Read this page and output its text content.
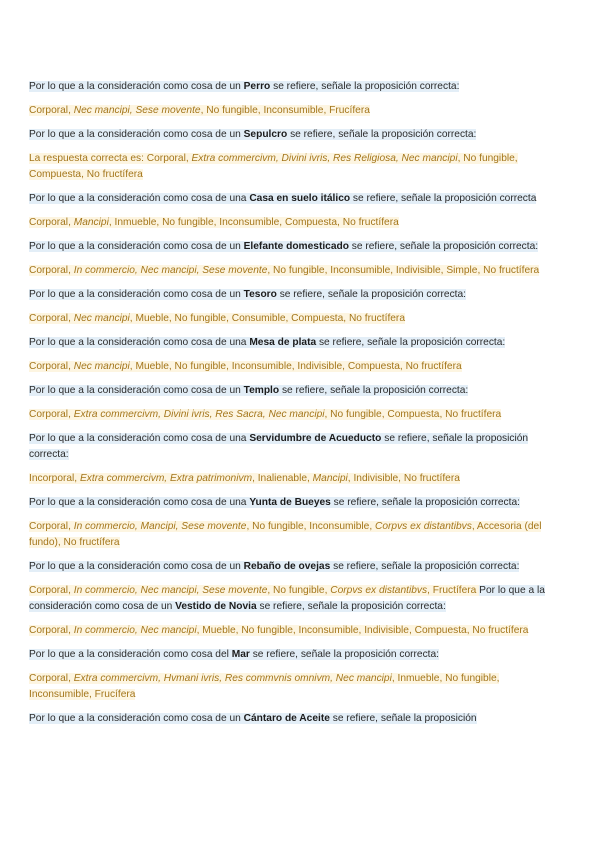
Por lo que a la consideración como cosa de un Perro se refiere, señale la proposición correcta:

Corporal, Nec mancipi, Sese movente, No fungible, Inconsumible, Frucífera

Por lo que a la consideración como cosa de un Sepulcro se refiere, señale la proposición correcta:

La respuesta correcta es: Corporal, Extra commercivm, Divini ivris, Res Religiosa, Nec mancipi, No fungible, Compuesta, No fructífera

Por lo que a la consideración como cosa de una Casa en suelo itálico se refiere, señale la proposición correcta

Corporal, Mancipi, Inmueble, No fungible, Inconsumible, Compuesta, No fructífera

Por lo que a la consideración como cosa de un Elefante domesticado se refiere, señale la proposición correcta:

Corporal, In commercio, Nec mancipi, Sese movente, No fungible, Inconsumible, Indivisible, Simple, No fructífera

Por lo que a la consideración como cosa de un Tesoro se refiere, señale la proposición correcta:

Corporal, Nec mancipi, Mueble, No fungible, Consumible, Compuesta, No fructífera

Por lo que a la consideración como cosa de una Mesa de plata se refiere, señale la proposición correcta:

Corporal, Nec mancipi, Mueble, No fungible, Inconsumible, Indivisible, Compuesta, No fructífera

Por lo que a la consideración como cosa de un Templo se refiere, señale la proposición correcta:

Corporal, Extra commercivm, Divini ivris, Res Sacra, Nec mancipi, No fungible, Compuesta, No fructífera

Por lo que a la consideración como cosa de una Servidumbre de Acueducto se refiere, señale la proposición correcta:

Incorporal, Extra commercivm, Extra patrimonivm, Inalienable, Mancipi, Indivisible, No fructífera

Por lo que a la consideración como cosa de una Yunta de Bueyes se refiere, señale la proposición correcta:

Corporal, In commercio, Mancipi, Sese movente, No fungible, Inconsumible, Corpvs ex distantibvs, Accesoria (del fundo), No fructífera

Por lo que a la consideración como cosa de un Rebaño de ovejas se refiere, señale la proposición correcta:

Corporal, In commercio, Nec mancipi, Sese movente, No fungible, Corpvs ex distantibvs, Fructífera Por lo que a la consideración como cosa de un Vestido de Novia se refiere, señale la proposición correcta:

Corporal, In commercio, Nec mancipi, Mueble, No fungible, Inconsumible, Indivisible, Compuesta, No fructífera

Por lo que a la consideración como cosa del Mar se refiere, señale la proposición correcta:

Corporal, Extra commercivm, Hvmani ivris, Res commvnis omnivm, Nec mancipi, Inmueble, No fungible, Inconsumible, Frucífera

Por lo que a la consideración como cosa de un Cántaro de Aceite se refiere, señale la proposición
